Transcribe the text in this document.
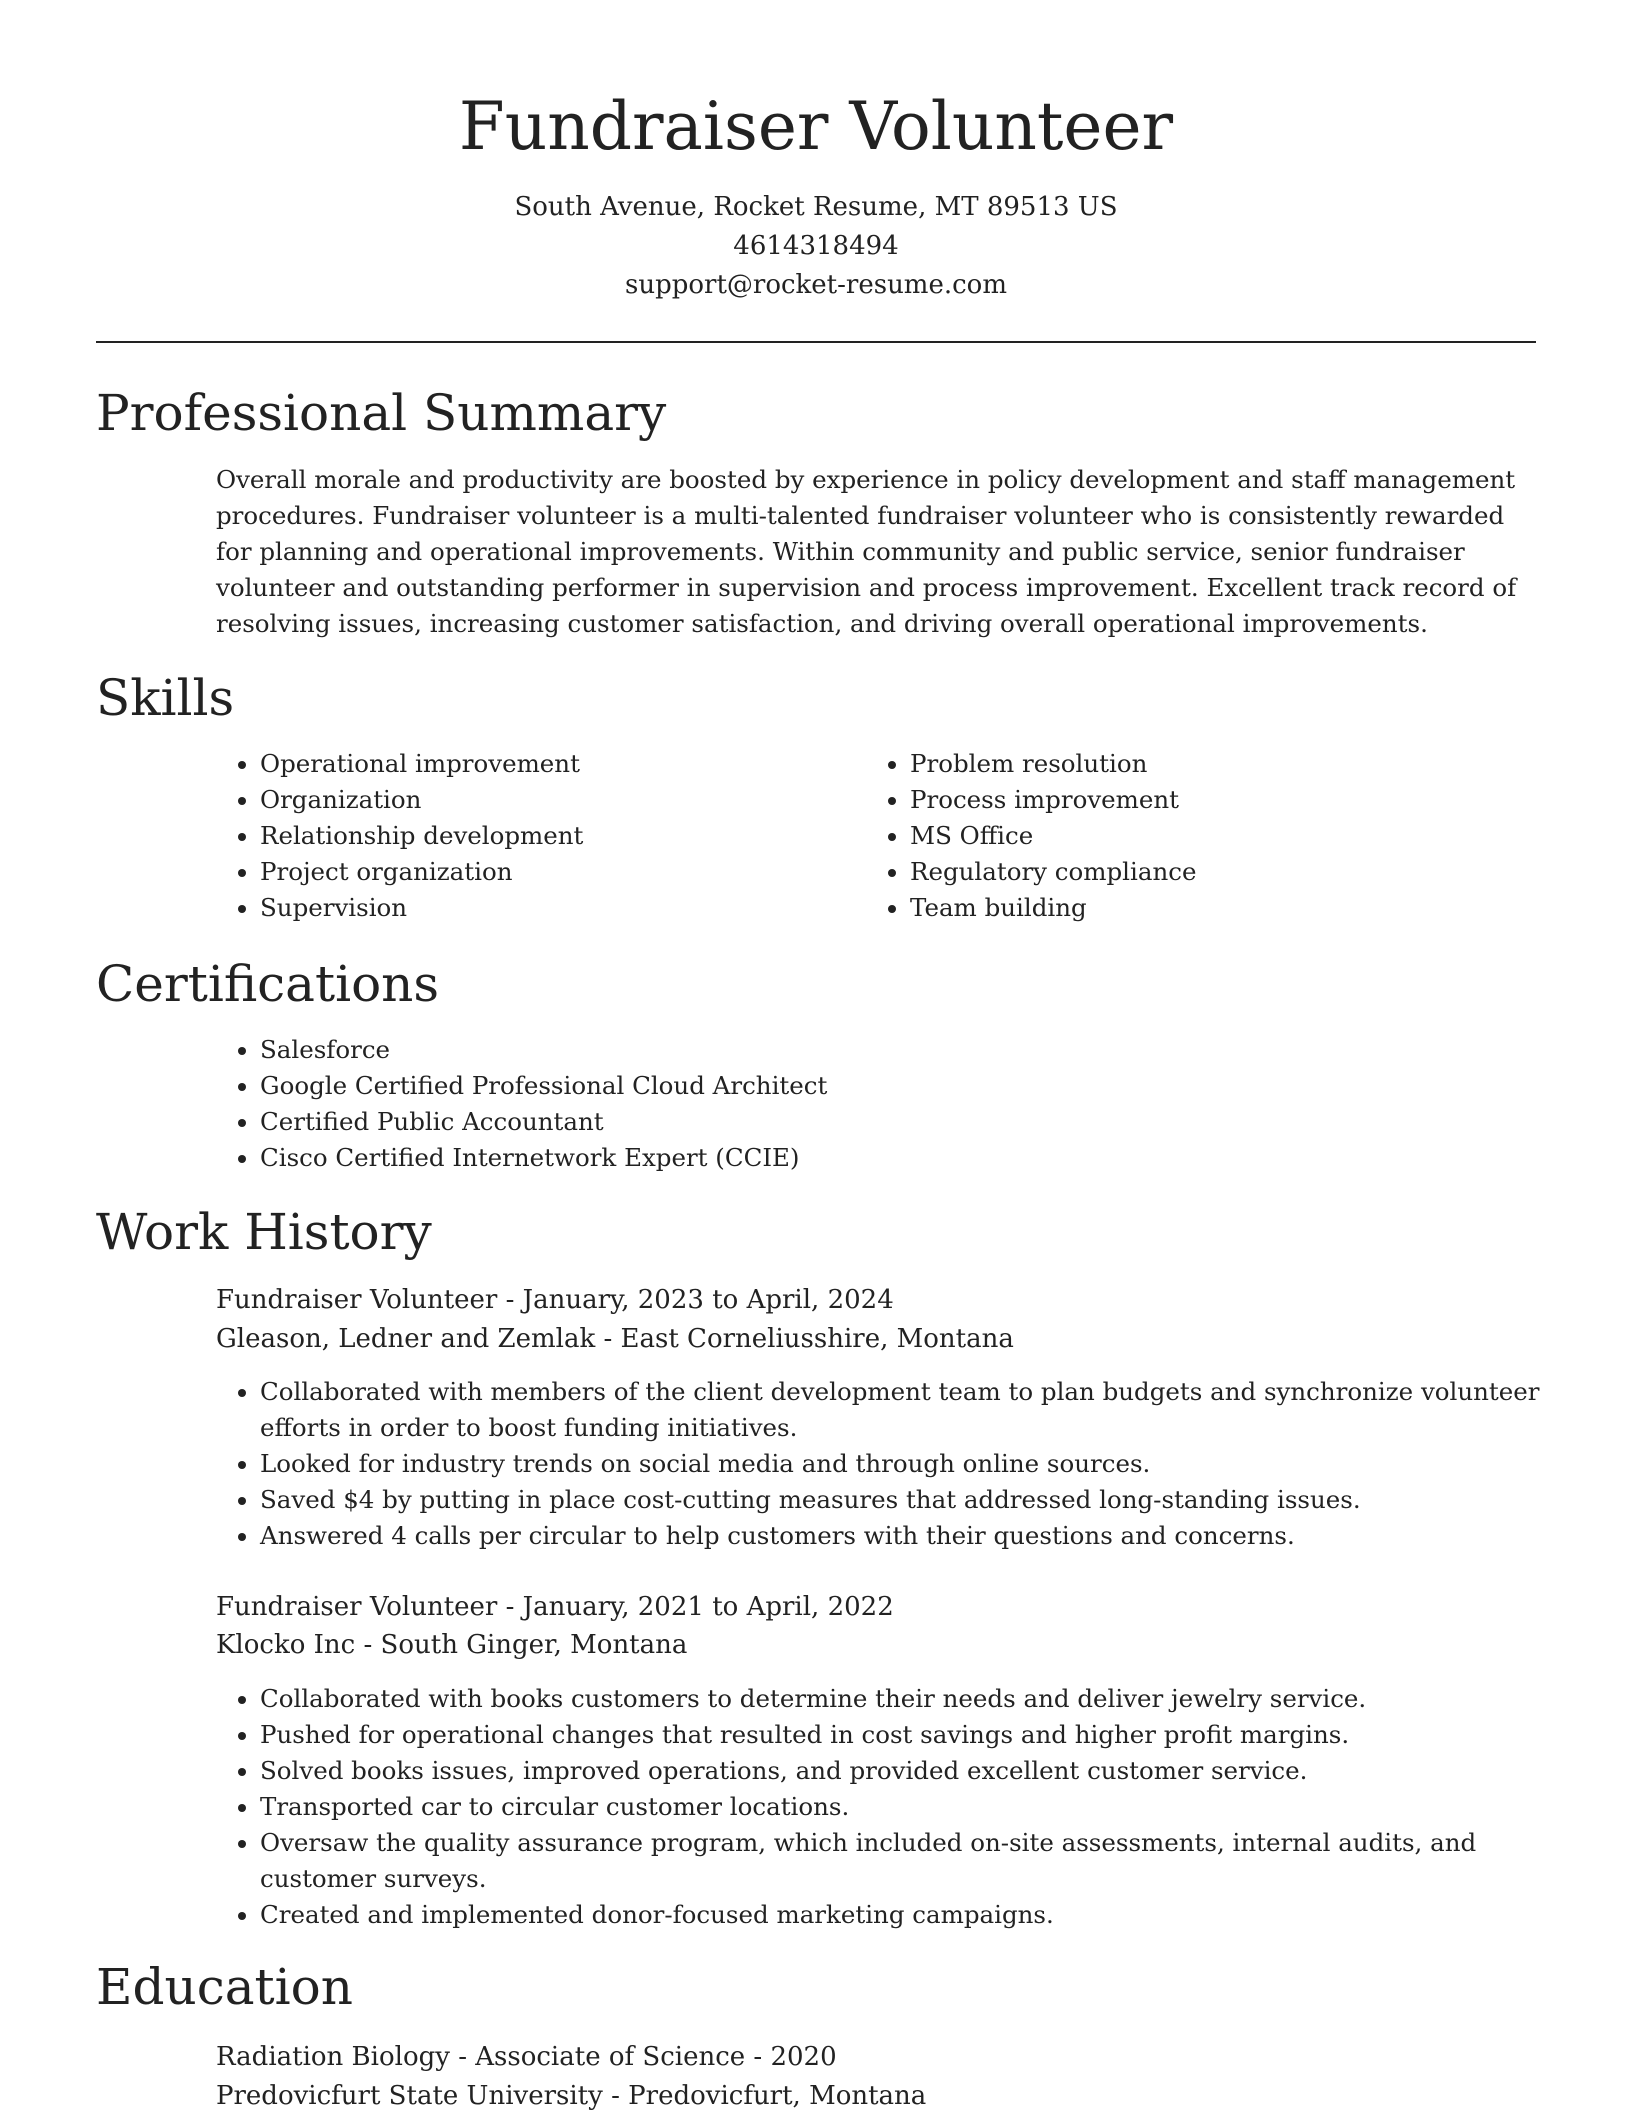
Fundraiser Volunteer
South Avenue, Rocket Resume, MT 89513 US
4614318494
support@rocket-resume.com
Professional Summary

Overall morale and productivity are boosted by experience in policy development and staff management procedures. Fundraiser volunteer is a multi-talented fundraiser volunteer who is consistently rewarded for planning and operational improvements. Within community and public service, senior fundraiser volunteer and outstanding performer in supervision and process improvement. Excellent track record of resolving issues, increasing customer satisfaction, and driving overall operational improvements.

Skills
• Operational improvement
• Organization
• Relationship development
• Project organization
• Supervision
• Problem resolution
• Process improvement
• MS Office
• Regulatory compliance
• Team building
Certifications
• Salesforce
• Google Certified Professional Cloud Architect
• Certified Public Accountant
• Cisco Certified Internetwork Expert (CCIE)
Work History
Fundraiser Volunteer - January, 2023 to April, 2024
Gleason, Ledner and Zemlak - East Corneliusshire, Montana
• Collaborated with members of the client development team to plan budgets and synchronize volunteer efforts in order to boost funding initiatives.
• Looked for industry trends on social media and through online sources.
• Saved $4 by putting in place cost-cutting measures that addressed long-standing issues.
• Answered 4 calls per circular to help customers with their questions and concerns.
Fundraiser Volunteer - January, 2021 to April, 2022
Klocko Inc - South Ginger, Montana
• Collaborated with books customers to determine their needs and deliver jewelry service.
• Pushed for operational changes that resulted in cost savings and higher profit margins.
• Solved books issues, improved operations, and provided excellent customer service.
• Transported car to circular customer locations.
• Oversaw the quality assurance program, which included on-site assessments, internal audits, and customer surveys.
• Created and implemented donor-focused marketing campaigns.
Education
Radiation Biology - Associate of Science - 2020
Predovicfurt State University - Predovicfurt, Montana
